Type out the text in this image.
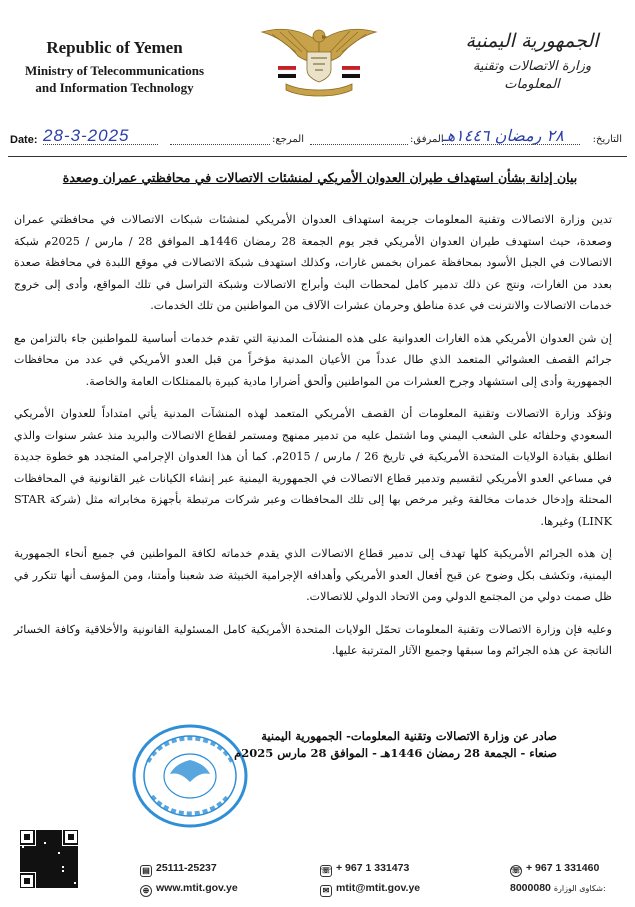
Republic of Yemen
Ministry of Telecommunications
and Information Technology
الجمهورية اليمنية
وزارة الاتصالات وتقنية المعلومات
Date: 28-3-2025	المرجع:	المرفق:
٢٨ رمضان ١٤٤٦هـ	التاريخ:
بيان إدانة بشأن استهداف طيران العدوان الأمريكي لمنشئات الاتصالات في محافظتي عمران وصعدة

تدين وزارة الاتصالات وتقنية المعلومات جريمة استهداف العدوان الأمريكي لمنشئات شبكات الاتصالات في محافظتي عمران وصعدة، حيث استهدف طيران العدوان الأمريكي فجر يوم الجمعة 28 رمضان 1446هـ الموافق 28 / مارس / 2025م شبكة الاتصالات في الجبل الأسود بمحافظة عمران بخمس غارات، وكذلك استهدف شبكة الاتصالات في موقع اللبدة في محافظة صعدة بعدد من الغارات، ونتج عن ذلك تدمير كامل لمحطات البث وأبراج الاتصالات وشبكة التراسل في تلك المواقع، وأدى إلى خروج خدمات الاتصالات والانترنت في عدة مناطق وحرمان عشرات الآلاف من المواطنين من تلك الخدمات.

إن شن العدوان الأمريكي هذه الغارات العدوانية على هذه المنشآت المدنية التي تقدم خدمات أساسية للمواطنين جاء بالتزامن مع جرائم القصف العشوائي المتعمد الذي طال عدداً من الأعيان المدنية مؤخراً من قبل العدو الأمريكي في عدد من محافظات الجمهورية وأدى إلى استشهاد وجرح العشرات من المواطنين وألحق أضرارا مادية كبيرة بالممتلكات العامة والخاصة.

وتؤكد وزارة الاتصالات وتقنية المعلومات أن القصف الأمريكي المتعمد لهذه المنشآت المدنية يأتي امتداداً للعدوان الأمريكي السعودي وحلفائه على الشعب اليمني وما اشتمل عليه من تدمير ممنهج ومستمر لقطاع الاتصالات والبريد منذ عشر سنوات والذي انطلق بقيادة الولايات المتحدة الأمريكية في تاريخ 26 / مارس / 2015م. كما أن هذا العدوان الإجرامي المتجدد هو خطوة جديدة في مساعي العدو الأمريكي لتقسيم وتدمير قطاع الاتصالات في الجمهورية اليمنية عبر إنشاء الكيانات غير القانونية في المحافظات المحتلة وإدخال خدمات مخالفة وغير مرخص بها إلى تلك المحافظات وعبر شركات مرتبطة بأجهزة مخابراته مثل (شركة STAR LINK) وغيرها.

إن هذه الجرائم الأمريكية كلها تهدف إلى تدمير قطاع الاتصالات الذي يقدم خدماته لكافة المواطنين في جميع أنحاء الجمهورية اليمنية، وتكشف بكل وضوح عن قبح أفعال العدو الأمريكي وأهدافه الإجرامية الخبيثة ضد شعبنا وأمتنا، ومن المؤسف أنها تتكرر في ظل صمت دولي من المجتمع الدولي ومن الاتحاد الدولي للاتصالات.

وعليه فإن وزارة الاتصالات وتقنية المعلومات تحمّل الولايات المتحدة الأمريكية كامل المسئولية القانونية والأخلاقية وكافة الخسائر الناتجة عن هذه الجرائم وما سبقها وجميع الآثار المترتبة عليها.

صادر عن وزارة الاتصالات وتقنية المعلومات- الجمهورية اليمنية
صنعاء - الجمعة 28 رمضان 1446هـ - الموافق 28 مارس 2025م
▤ 25111-25237
⊕ www.mtit.gov.ye
☏ + 967 1 331473
✉ mtit@mtit.gov.ye
☏ + 967 1 331460
8000080 شكاوى الوزارة:
